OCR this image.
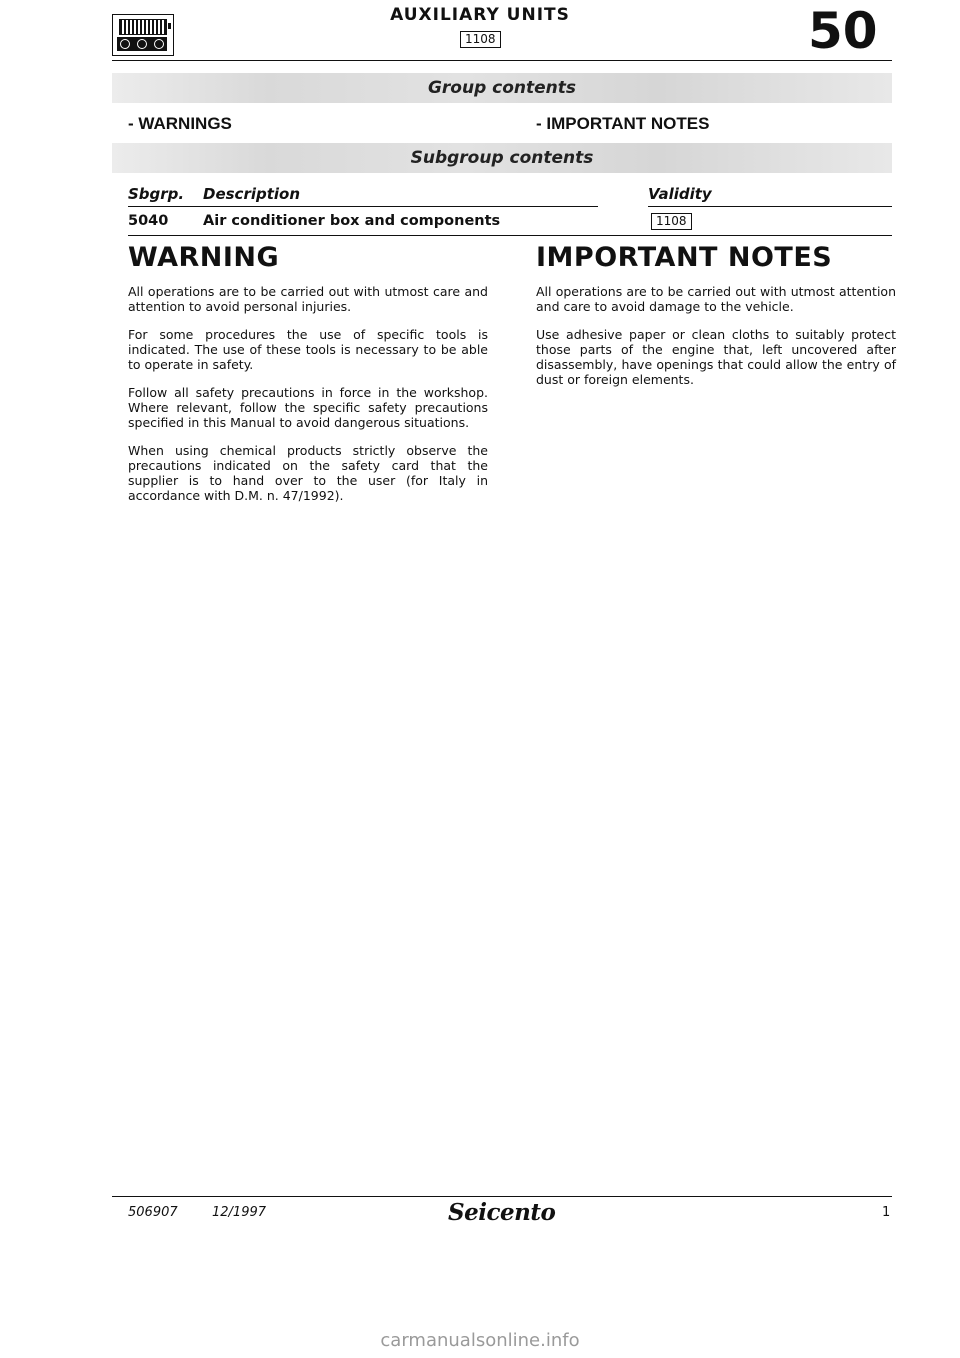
AUXILIARY UNITS
1108	50
Group contents
- WARNINGS	- IMPORTANT NOTES
Subgroup contents
Sbgrp. Description	Validity
5040 Air conditioner box and components	1108
WARNING

All operations are to be carried out with utmost care and attention to avoid personal injuries.

For some procedures the use of specific tools is indicated. The use of these tools is necessary to be able to operate in safety.

Follow all safety precautions in force in the workshop. Where relevant, follow the specific safety precautions specified in this Manual to avoid dangerous situations.

When using chemical products strictly observe the precautions indicated on the safety card that the supplier is to hand over to the user (for Italy in accordance with D.M. n. 47/1992).

IMPORTANT NOTES

All operations are to be carried out with utmost attention and care to avoid damage to the vehicle.

Use adhesive paper or clean cloths to suitably protect those parts of the engine that, left uncovered after disassembly, have openings that could allow the entry of dust or foreign elements.

506907	12/1997	Seicento	1
carmanualsonline.info
